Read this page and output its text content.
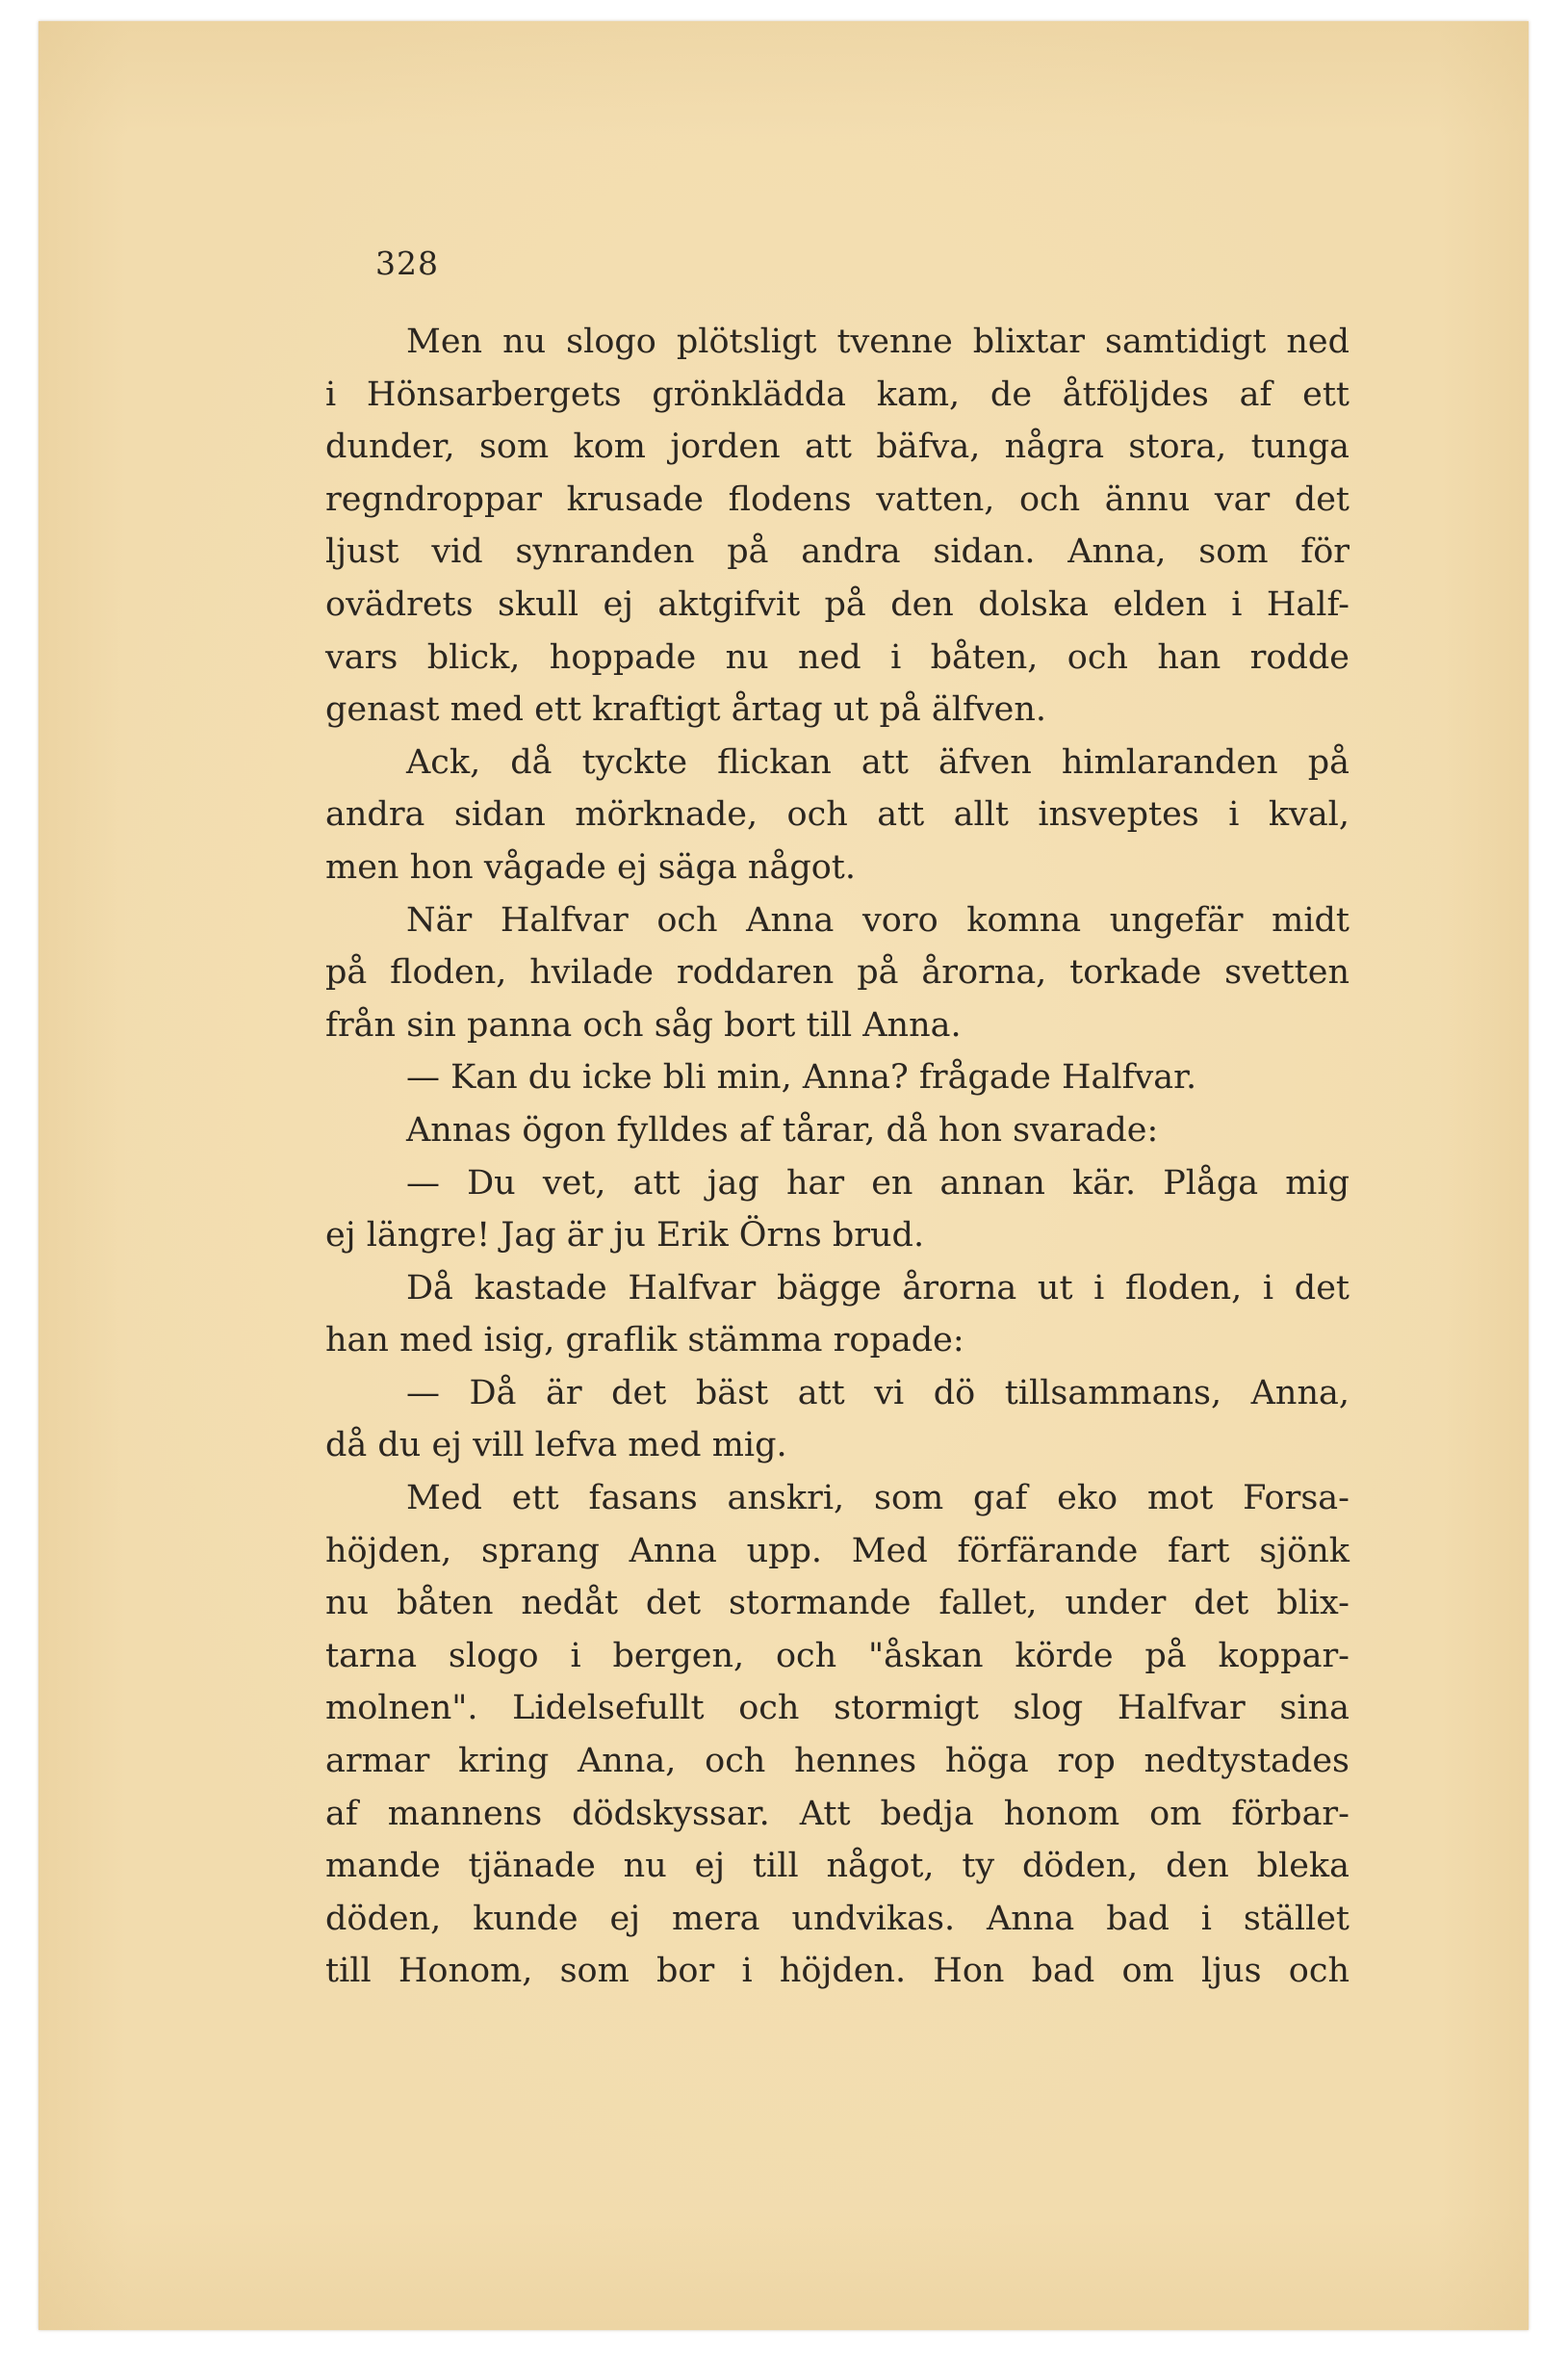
328
Men nu slogo plötsligt tvenne blixtar samtidigt ned
i Hönsarbergets grönklädda kam, de åtföljdes af ett
dunder, som kom jorden att bäfva, några stora, tunga
regndroppar krusade flodens vatten, och ännu var det
ljust vid synranden på andra sidan. Anna, som för
ovädrets skull ej aktgifvit på den dolska elden i Half-
vars blick, hoppade nu ned i båten, och han rodde
genast med ett kraftigt årtag ut på älfven.
Ack, då tyckte flickan att äfven himlaranden på
andra sidan mörknade, och att allt insveptes i kval,
men hon vågade ej säga något.
När Halfvar och Anna voro komna ungefär midt
på floden, hvilade roddaren på årorna, torkade svetten
från sin panna och såg bort till Anna.
— Kan du icke bli min, Anna? frågade Halfvar.
Annas ögon fylldes af tårar, då hon svarade:
— Du vet, att jag har en annan kär. Plåga mig
ej längre! Jag är ju Erik Örns brud.
Då kastade Halfvar bägge årorna ut i floden, i det
han med isig, graflik stämma ropade:
— Då är det bäst att vi dö tillsammans, Anna,
då du ej vill lefva med mig.
Med ett fasans anskri, som gaf eko mot Forsa-
höjden, sprang Anna upp. Med förfärande fart sjönk
nu båten nedåt det stormande fallet, under det blix-
tarna slogo i bergen, och "åskan körde på koppar-
molnen". Lidelsefullt och stormigt slog Halfvar sina
armar kring Anna, och hennes höga rop nedtystades
af mannens dödskyssar. Att bedja honom om förbar-
mande tjänade nu ej till något, ty döden, den bleka
döden, kunde ej mera undvikas. Anna bad i stället
till Honom, som bor i höjden. Hon bad om ljus och
